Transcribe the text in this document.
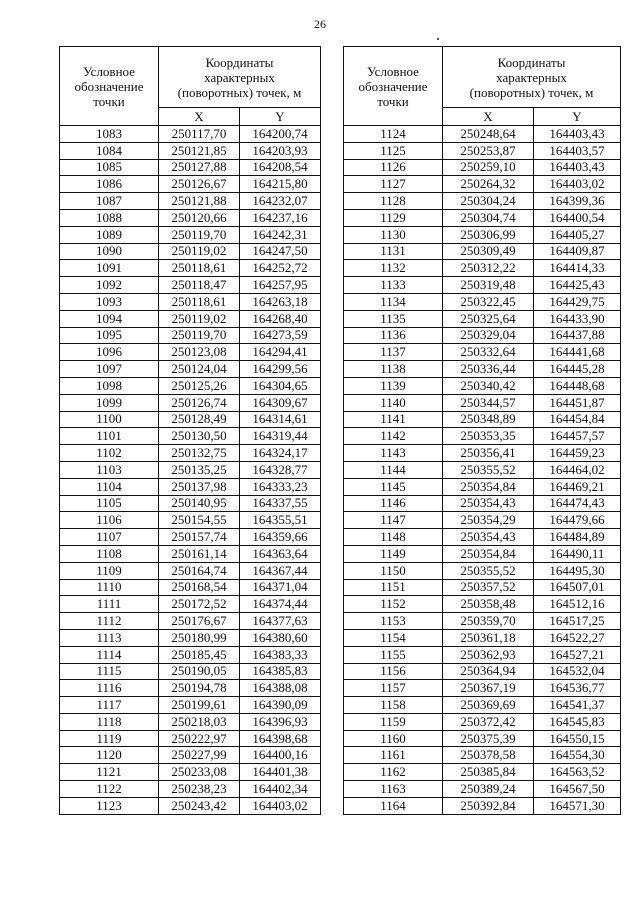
26
Условное
обозначение
точки	Координаты
характерных
(поворотных) точек, м	
	X	Y
1083	250117,70	164200,74
1084	250121,85	164203,93
1085	250127,88	164208,54
1086	250126,67	164215,80
1087	250121,88	164232,07
1088	250120,66	164237,16
1089	250119,70	164242,31
1090	250119,02	164247,50
1091	250118,61	164252,72
1092	250118,47	164257,95
1093	250118,61	164263,18
1094	250119,02	164268,40
1095	250119,70	164273,59
1096	250123,08	164294,41
1097	250124,04	164299,56
1098	250125,26	164304,65
1099	250126,74	164309,67
1100	250128,49	164314,61
1101	250130,50	164319,44
1102	250132,75	164324,17
1103	250135,25	164328,77
1104	250137,98	164333,23
1105	250140,95	164337,55
1106	250154,55	164355,51
1107	250157,74	164359,66
1108	250161,14	164363,64
1109	250164,74	164367,44
1110	250168,54	164371,04
1111	250172,52	164374,44
1112	250176,67	164377,63
1113	250180,99	164380,60
1114	250185,45	164383,33
1115	250190,05	164385,83
1116	250194,78	164388,08
1117	250199,61	164390,09
1118	250218,03	164396,93
1119	250222,97	164398,68
1120	250227,99	164400,16
1121	250233,08	164401,38
1122	250238,23	164402,34
1123	250243,42	164403,02
Условное
обозначение
точки	Координаты
характерных
(поворотных) точек, м	
	X	Y
1124	250248,64	164403,43
1125	250253,87	164403,57
1126	250259,10	164403,43
1127	250264,32	164403,02
1128	250304,24	164399,36
1129	250304,74	164400,54
1130	250306,99	164405,27
1131	250309,49	164409,87
1132	250312,22	164414,33
1133	250319,48	164425,43
1134	250322,45	164429,75
1135	250325,64	164433,90
1136	250329,04	164437,88
1137	250332,64	164441,68
1138	250336,44	164445,28
1139	250340,42	164448,68
1140	250344,57	164451,87
1141	250348,89	164454,84
1142	250353,35	164457,57
1143	250356,41	164459,23
1144	250355,52	164464,02
1145	250354,84	164469,21
1146	250354,43	164474,43
1147	250354,29	164479,66
1148	250354,43	164484,89
1149	250354,84	164490,11
1150	250355,52	164495,30
1151	250357,52	164507,01
1152	250358,48	164512,16
1153	250359,70	164517,25
1154	250361,18	164522,27
1155	250362,93	164527,21
1156	250364,94	164532,04
1157	250367,19	164536,77
1158	250369,69	164541,37
1159	250372,42	164545,83
1160	250375,39	164550,15
1161	250378,58	164554,30
1162	250385,84	164563,52
1163	250389,24	164567,50
1164	250392,84	164571,30
